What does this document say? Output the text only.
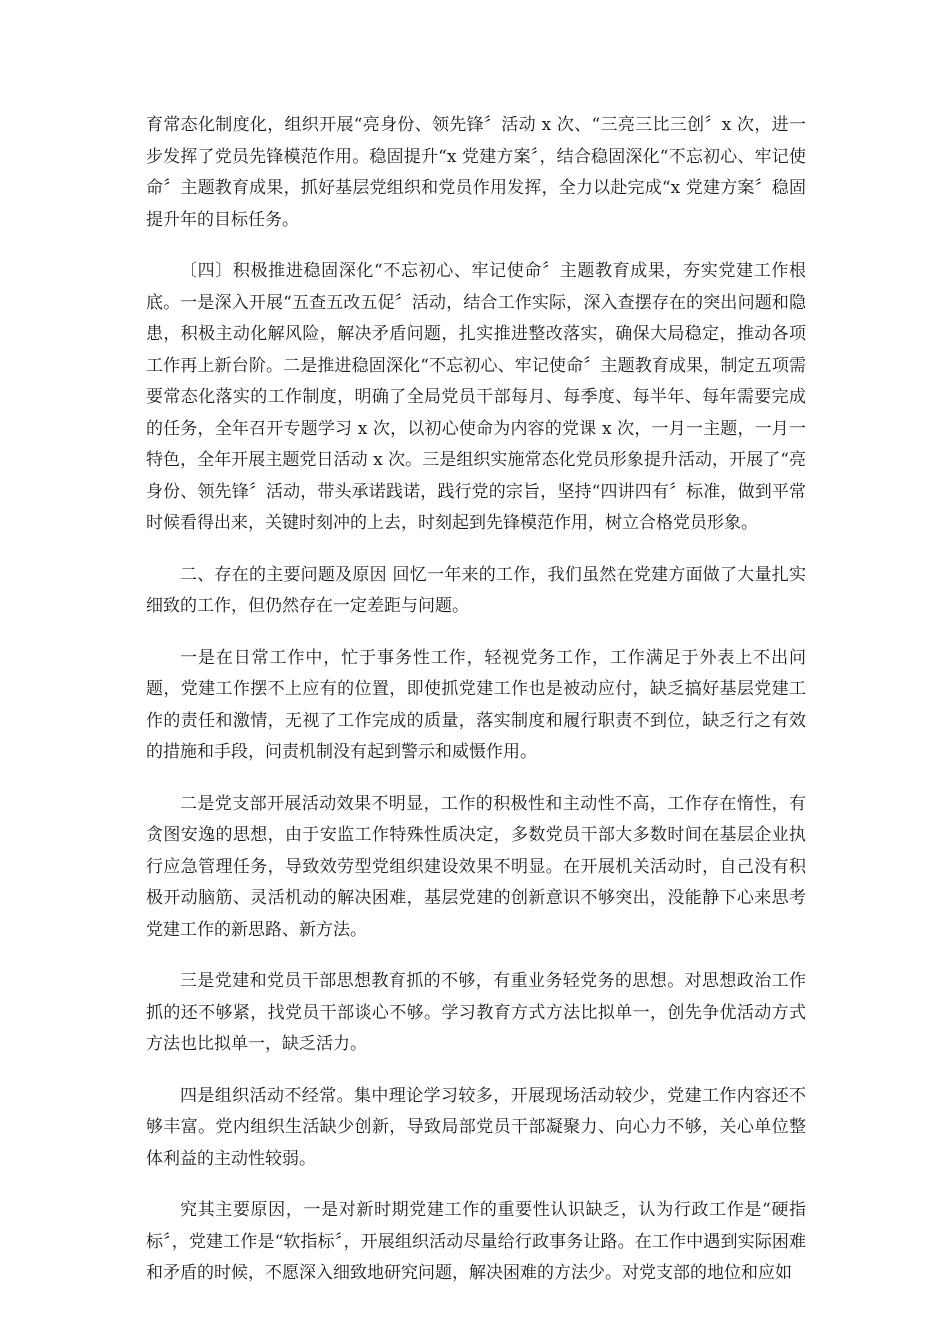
育常态化制度化，组织开展“亮身份、领先锋〞活动 x 次、“三亮三比三创〞x 次，进一步发挥了党员先锋模范作用。稳固提升“x 党建方案〞，结合稳固深化“不忘初心、牢记使命〞主题教育成果，抓好基层党组织和党员作用发挥，全力以赴完成“x 党建方案〞稳固提升年的目标任务。

〔四〕积极推进稳固深化“不忘初心、牢记使命〞主题教育成果，夯实党建工作根底。一是深入开展“五查五改五促〞活动，结合工作实际，深入查摆存在的突出问题和隐患，积极主动化解风险，解决矛盾问题，扎实推进整改落实，确保大局稳定，推动各项工作再上新台阶。二是推进稳固深化“不忘初心、牢记使命〞主题教育成果，制定五项需要常态化落实的工作制度，明确了全局党员干部每月、每季度、每半年、每年需要完成的任务，全年召开专题学习 x 次，以初心使命为内容的党课 x 次，一月一主题，一月一特色，全年开展主题党日活动 x 次。三是组织实施常态化党员形象提升活动，开展了“亮身份、领先锋〞活动，带头承诺践诺，践行党的宗旨，坚持“四讲四有〞标准，做到平常时候看得出来，关键时刻冲的上去，时刻起到先锋模范作用，树立合格党员形象。

二、存在的主要问题及原因 回忆一年来的工作，我们虽然在党建方面做了大量扎实细致的工作，但仍然存在一定差距与问题。

一是在日常工作中，忙于事务性工作，轻视党务工作，工作满足于外表上不出问题，党建工作摆不上应有的位置，即使抓党建工作也是被动应付，缺乏搞好基层党建工作的责任和激情，无视了工作完成的质量，落实制度和履行职责不到位，缺乏行之有效的措施和手段，问责机制没有起到警示和威慑作用。

二是党支部开展活动效果不明显，工作的积极性和主动性不高，工作存在惰性，有贪图安逸的思想，由于安监工作特殊性质决定，多数党员干部大多数时间在基层企业执行应急管理任务，导致效劳型党组织建设效果不明显。在开展机关活动时，自己没有积极开动脑筋、灵活机动的解决困难，基层党建的创新意识不够突出，没能静下心来思考党建工作的新思路、新方法。

三是党建和党员干部思想教育抓的不够，有重业务轻党务的思想。对思想政治工作抓的还不够紧，找党员干部谈心不够。学习教育方式方法比拟单一，创先争优活动方式方法也比拟单一，缺乏活力。

四是组织活动不经常。集中理论学习较多，开展现场活动较少，党建工作内容还不够丰富。党内组织生活缺少创新，导致局部党员干部凝聚力、向心力不够，关心单位整体利益的主动性较弱。

究其主要原因，一是对新时期党建工作的重要性认识缺乏，认为行政工作是“硬指标〞，党建工作是“软指标〞，开展组织活动尽量给行政事务让路。在工作中遇到实际困难和矛盾的时候，不愿深入细致地研究问题，解决困难的方法少。对党支部的地位和应如
